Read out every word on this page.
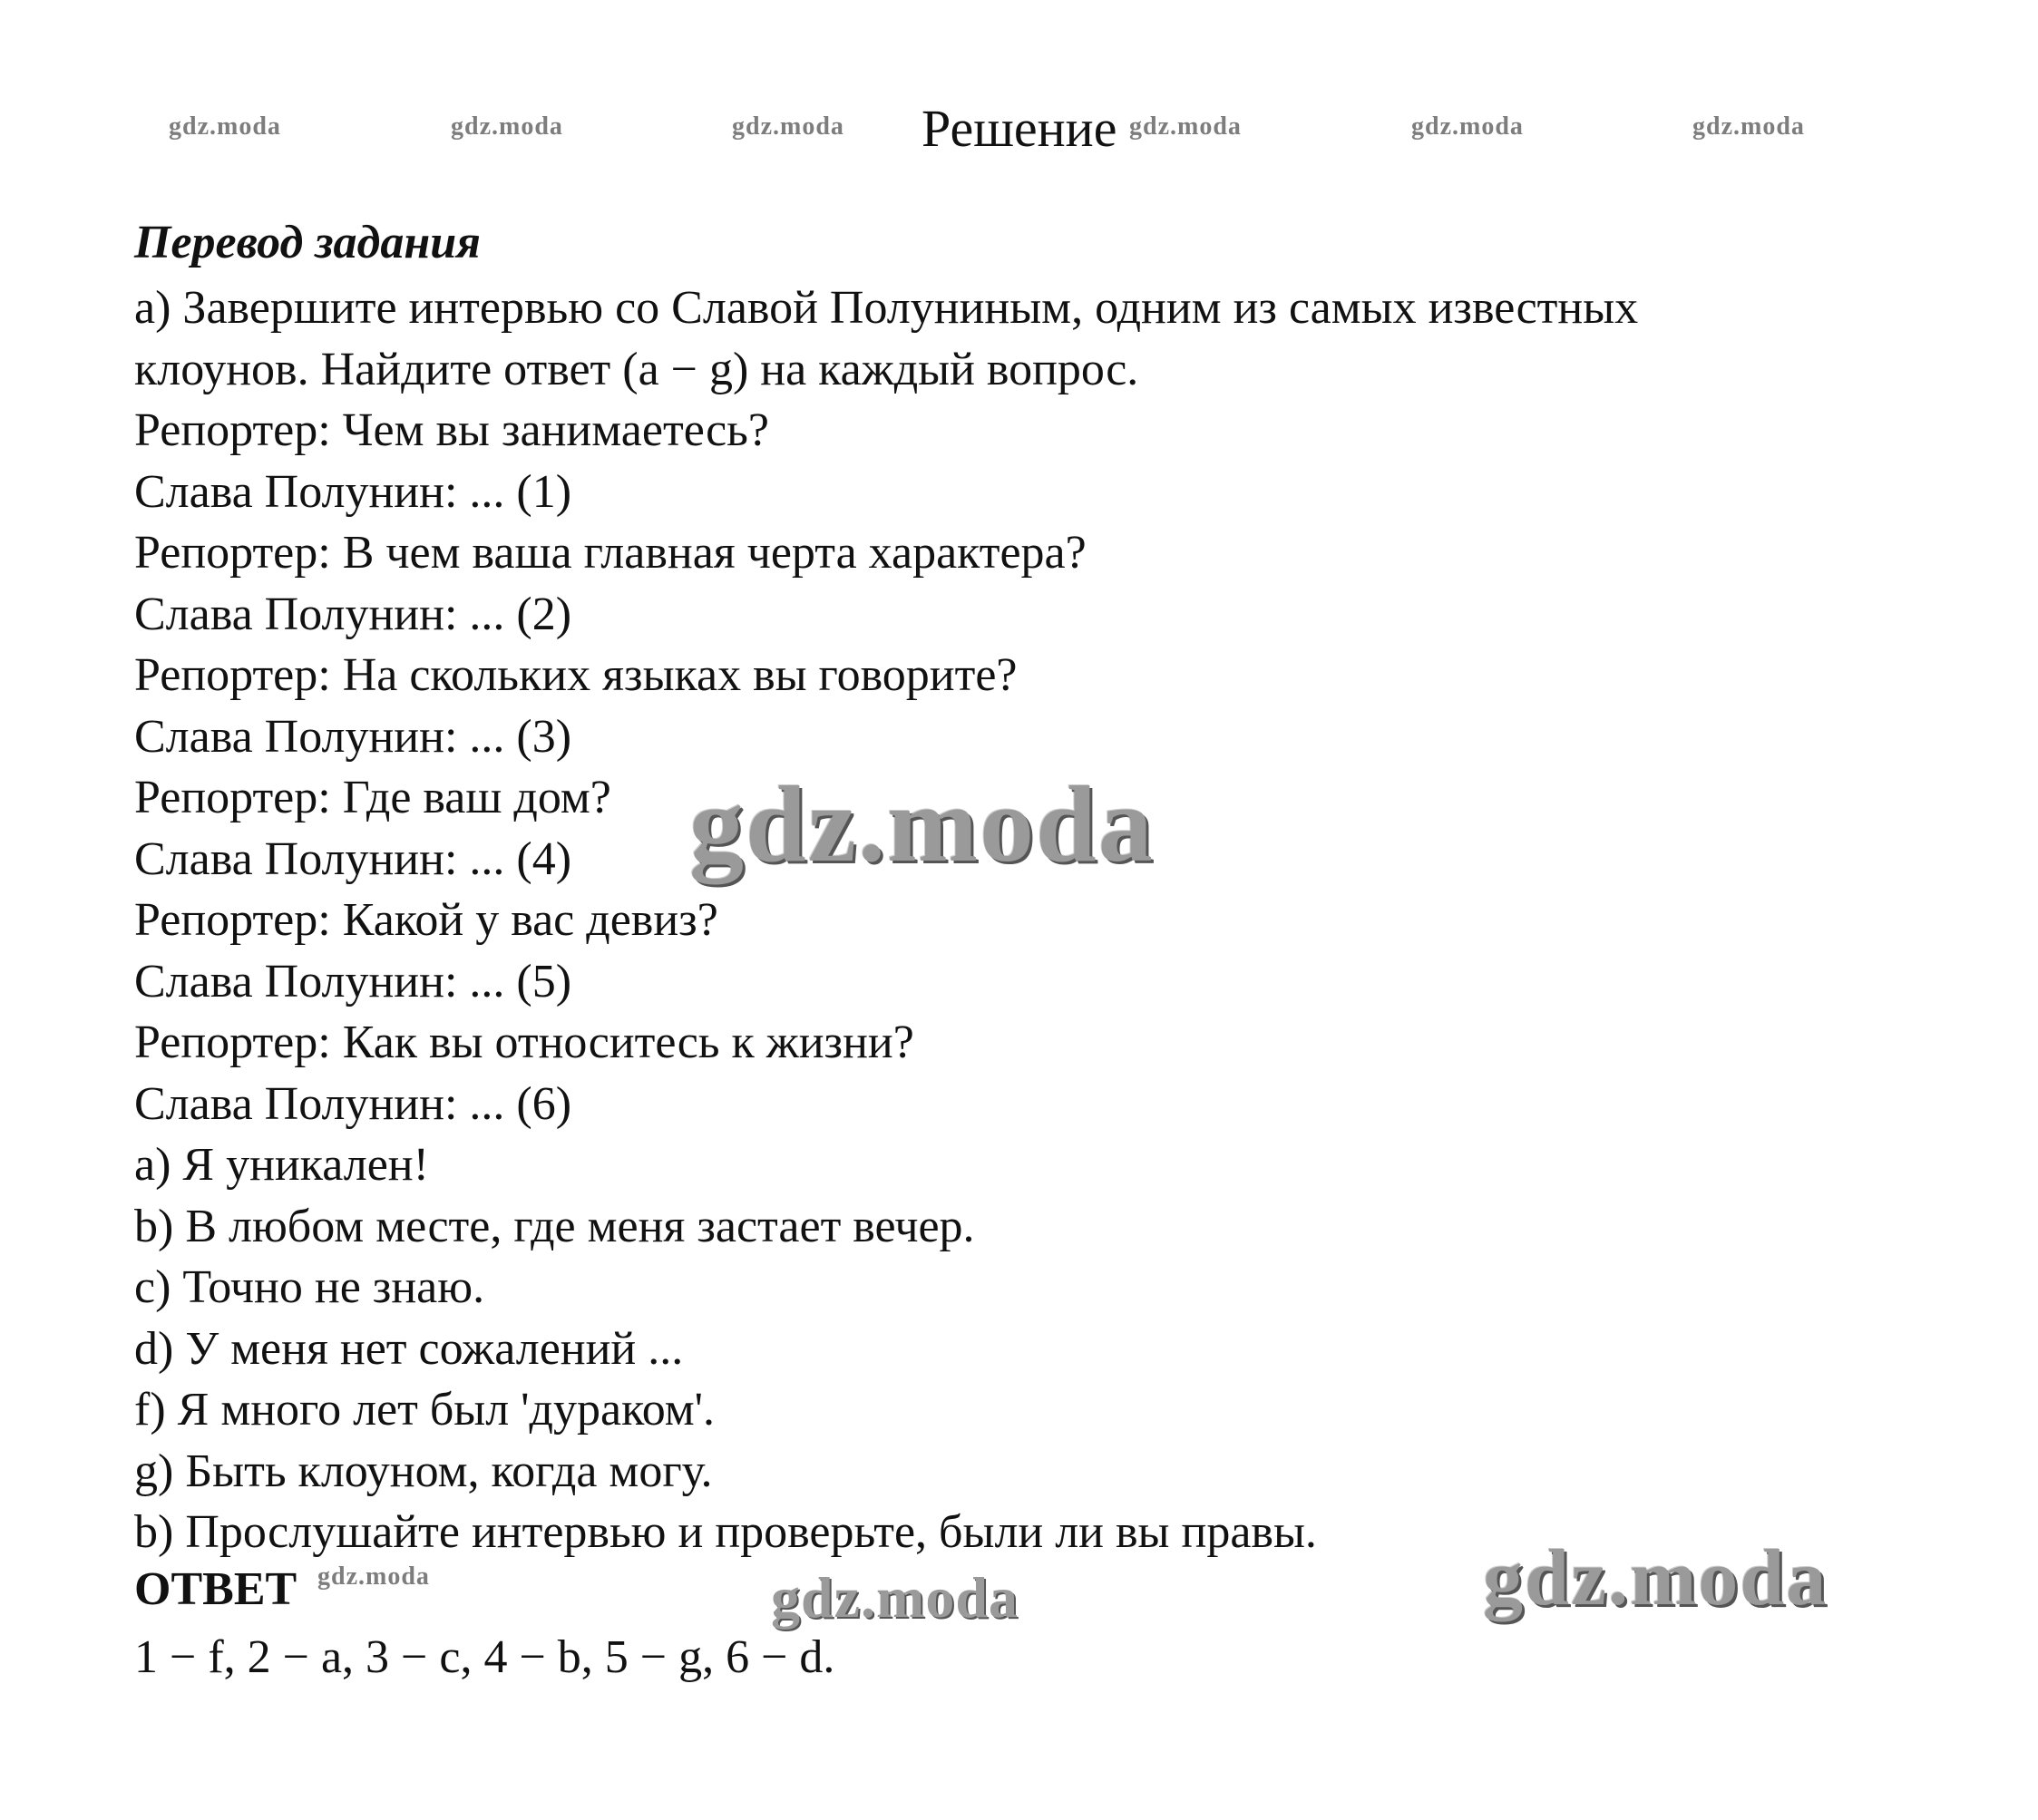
gdz.moda	gdz.moda	gdz.moda	gdz.moda	gdz.moda	gdz.moda
Решение
Перевод задания
а) Завершите интервью со Славой Полуниным, одним из самых известных
клоунов. Найдите ответ (a − g) на каждый вопрос.
Репортер: Чем вы занимаетесь?
Слава Полунин: ... (1)
Репортер: В чем ваша главная черта характера?
Слава Полунин: ... (2)
Репортер: На скольких языках вы говорите?
Слава Полунин: ... (3)
Репортер: Где ваш дом?
Слава Полунин: ... (4)
Репортер: Какой у вас девиз?
Слава Полунин: ... (5)
Репортер: Как вы относитесь к жизни?
Слава Полунин: ... (6)
a) Я уникален!
b) В любом месте, где меня застает вечер.
c) Точно не знаю.
d) У меня нет сожалений ...
f) Я много лет был 'дураком'.
g) Быть клоуном, когда могу.
b) Прослушайте интервью и проверьте, были ли вы правы.
ОТВЕТ
1 − f, 2 − a, 3 − c, 4 − b, 5 − g, 6 − d.
gdz.moda
gdz.moda	gdz.moda	gdz.moda
